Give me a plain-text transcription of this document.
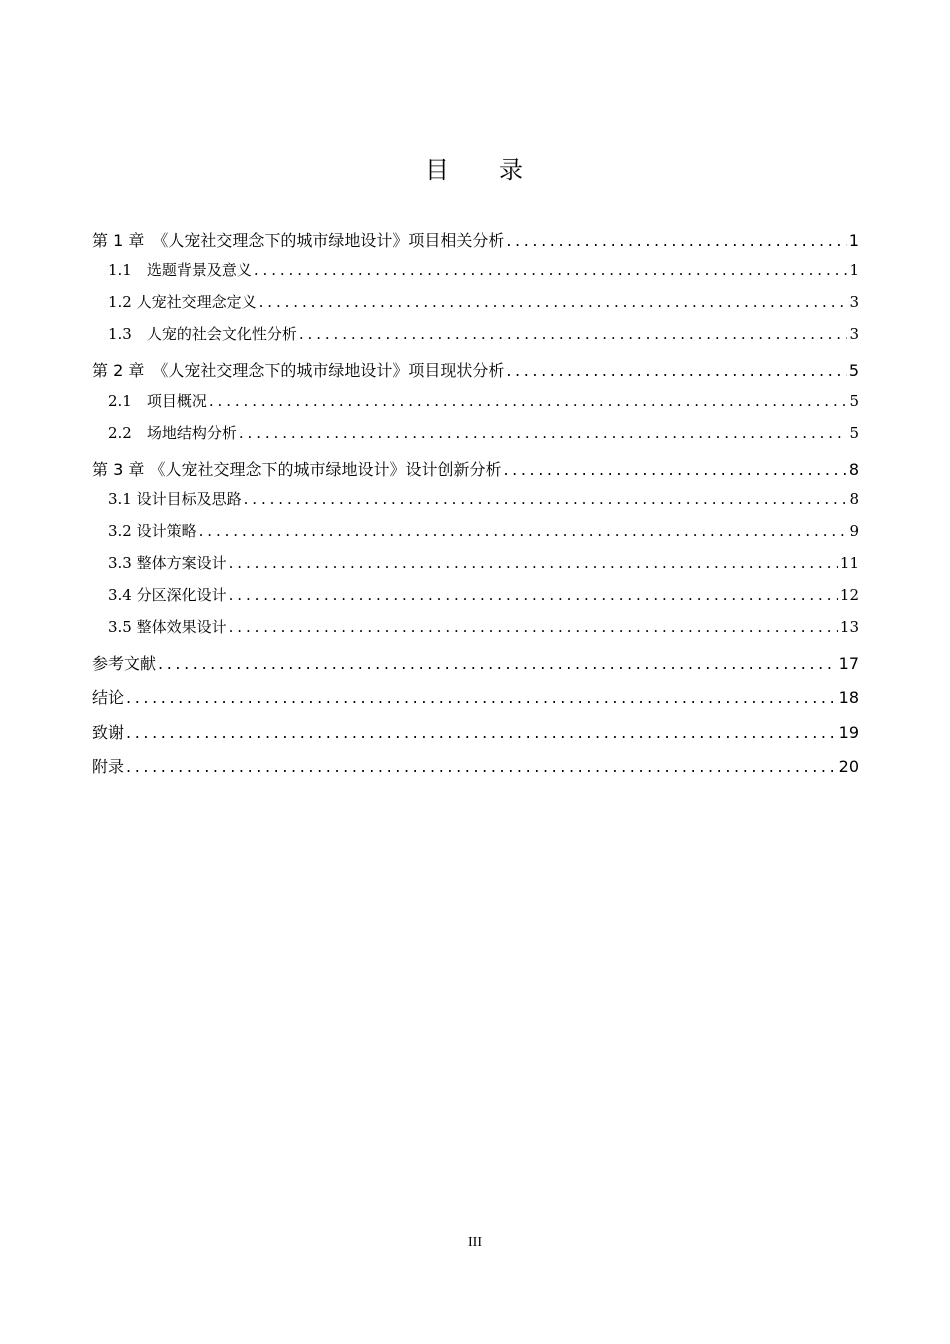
目 录
第 1 章　《人宠社交理念下的城市绿地设计》项目相关分析 .....	1
1.1　选题背景及意义 .....	1
1.2 人宠社交理念定义 .....	3
1.3　人宠的社会文化性分析 .....	3
第 2 章　《人宠社交理念下的城市绿地设计》项目现状分析 .....	5
2.1　项目概况 .....	5
2.2　场地结构分析 .....	5
第 3 章 《人宠社交理念下的城市绿地设计》设计创新分析 .....	8
3.1 设计目标及思路 .....	8
3.2 设计策略 .....	9
3.3 整体方案设计 .....	11
3.4 分区深化设计 .....	12
3.5 整体效果设计 .....	13
参考文献 .....	17
结论 .....	18
致谢 .....	19
附录 .....	20
III
